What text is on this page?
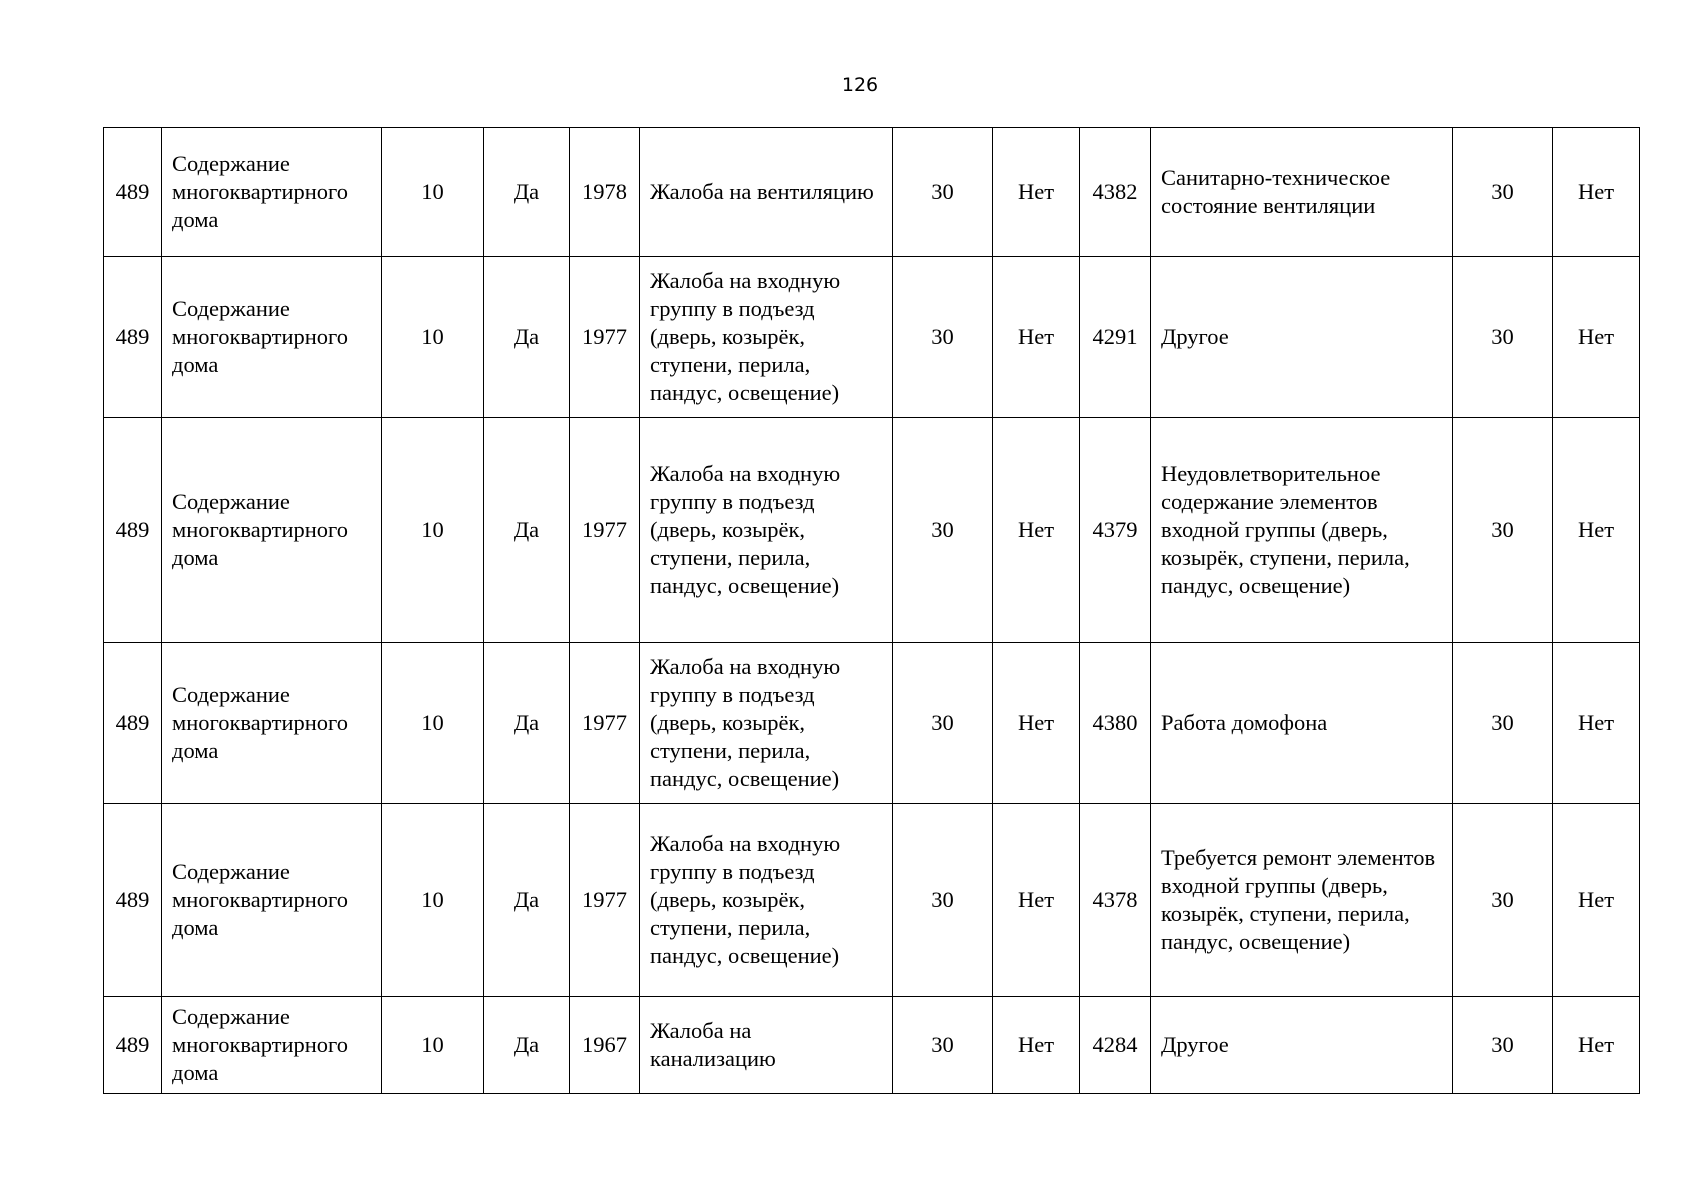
126
489	Содержание многоквартирного дома	10	Да	1978	Жалоба на вентиляцию	30	Нет	4382	Санитарно-техническое состояние вентиляции	30	Нет
489	Содержание многоквартирного дома	10	Да	1977	Жалоба на входную группу в подъезд (дверь, козырёк, ступени, перила, пандус, освещение)	30	Нет	4291	Другое	30	Нет
489	Содержание многоквартирного дома	10	Да	1977	Жалоба на входную группу в подъезд (дверь, козырёк, ступени, перила, пандус, освещение)	30	Нет	4379	Неудовлетворительное содержание элементов входной группы (дверь, козырёк, ступени, перила, пандус, освещение)	30	Нет
489	Содержание многоквартирного дома	10	Да	1977	Жалоба на входную группу в подъезд (дверь, козырёк, ступени, перила, пандус, освещение)	30	Нет	4380	Работа домофона	30	Нет
489	Содержание многоквартирного дома	10	Да	1977	Жалоба на входную группу в подъезд (дверь, козырёк, ступени, перила, пандус, освещение)	30	Нет	4378	Требуется ремонт элементов входной группы (дверь, козырёк, ступени, перила, пандус, освещение)	30	Нет
489	Содержание многоквартирного дома	10	Да	1967	Жалоба на канализацию	30	Нет	4284	Другое	30	Нет
